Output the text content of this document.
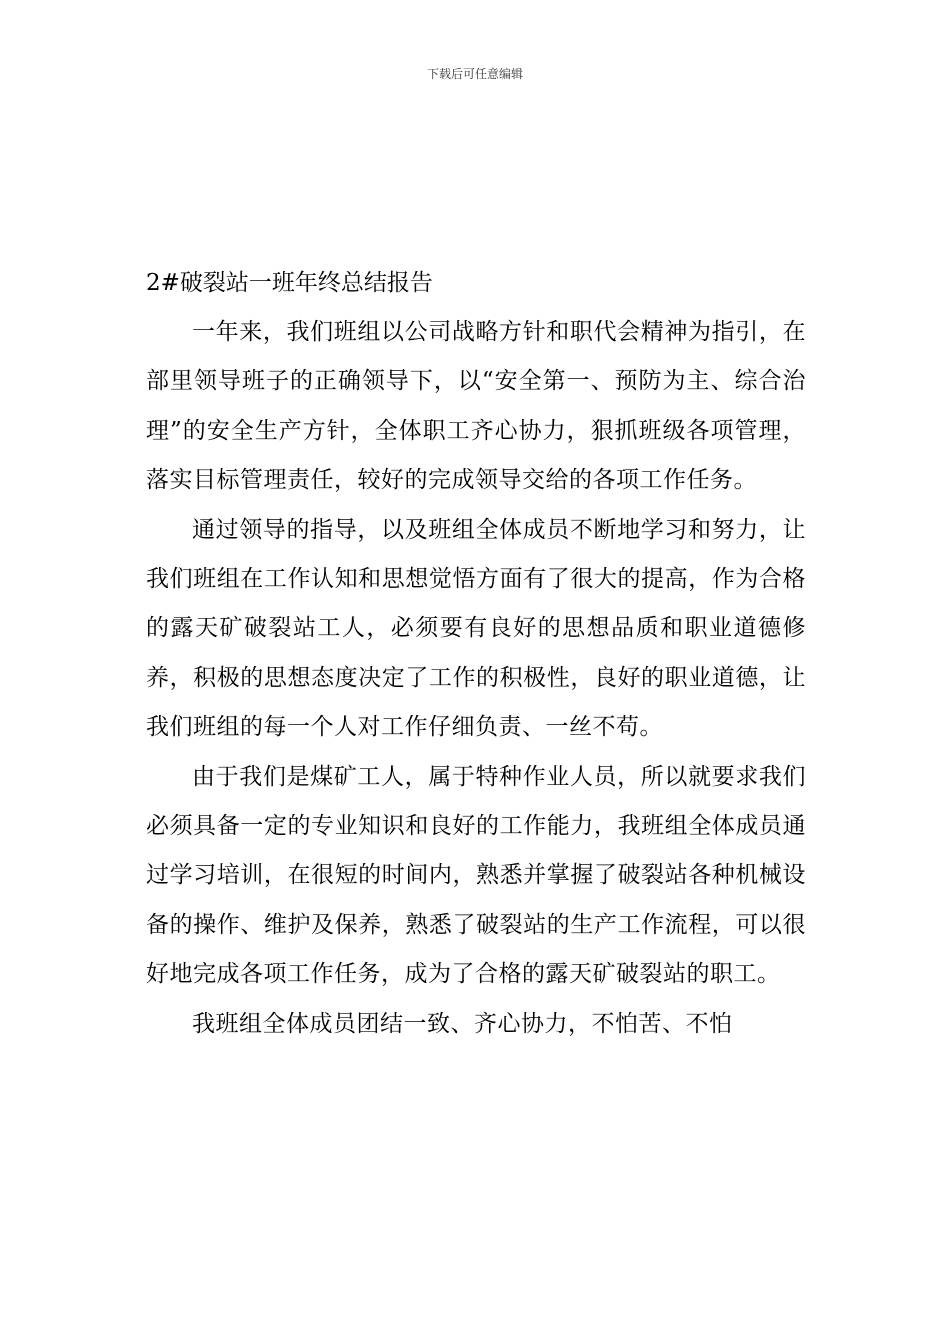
下载后可任意编辑
2#破裂站一班年终总结报告

一年来，我们班组以公司战略方针和职代会精神为指引，在部里领导班子的正确领导下，以“安全第一、预防为主、综合治理”的安全生产方针，全体职工齐心协力，狠抓班级各项管理，落实目标管理责任，较好的完成领导交给的各项工作任务。

通过领导的指导，以及班组全体成员不断地学习和努力，让我们班组在工作认知和思想觉悟方面有了很大的提高，作为合格的露天矿破裂站工人，必须要有良好的思想品质和职业道德修养，积极的思想态度决定了工作的积极性，良好的职业道德，让我们班组的每一个人对工作仔细负责、一丝不苟。

由于我们是煤矿工人，属于特种作业人员，所以就要求我们必须具备一定的专业知识和良好的工作能力，我班组全体成员通过学习培训，在很短的时间内，熟悉并掌握了破裂站各种机械设备的操作、维护及保养，熟悉了破裂站的生产工作流程，可以很好地完成各项工作任务，成为了合格的露天矿破裂站的职工。

我班组全体成员团结一致、齐心协力，不怕苦、不怕
